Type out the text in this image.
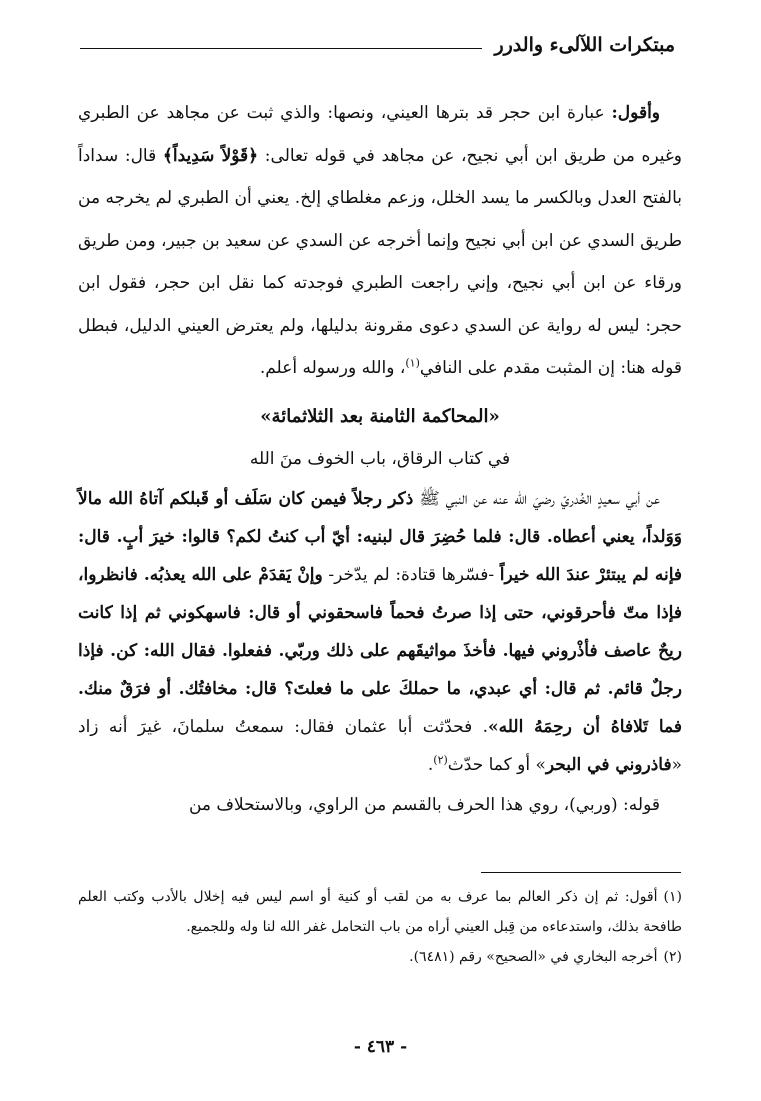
مبتكرات اللآلىء والدرر

وأقول: عبارة ابن حجر قد بترها العيني، ونصها: والذي ثبت عن مجاهد عن الطبري وغيره من طريق ابن أبي نجيح، عن مجاهد في قوله تعالى: ﴿قَوْلاً سَدِيداً﴾ قال: سداداً بالفتح العدل وبالكسر ما يسد الخلل، وزعم مغلطاي إلخ. يعني أن الطبري لم يخرجه من طريق السدي عن ابن أبي نجيح وإنما أخرجه عن السدي عن سعيد بن جبير، ومن طريق ورقاء عن ابن أبي نجيح، وإني راجعت الطبري فوجدته كما نقل ابن حجر، فقول ابن حجر: ليس له رواية عن السدي دعوى مقرونة بدليلها، ولم يعترض العيني الدليل، فبطل قوله هنا: إن المثبت مقدم على النافي$^{(١)}$، والله ورسوله أعلم.

«المحاكمة الثامنة بعد الثلاثمائة»
في كتاب الرقاق، باب الخوف منَ الله

عن أبي سعيدٍ الخُدريّ رضيَ الله عنه عن النبي ﷺ ذكر رجلاً فيمن كان سَلَف أو قَبلكم آتاهُ الله مالاً وَوَلداً، يعني أعطاه. قال: فلما حُضِرَ قال لبنيه: أيّ أب كنتُ لكم؟ قالوا: خيرَ أبٍ. قال: فإنه لم يبتئرْ عندَ الله خيراً -فسّرها قتادة: لم يدّخر- وإنْ يَقدَمْ على الله يعذبُه. فانظروا، فإذا متّ فأحرقوني، حتى إذا صرتُ فحماً فاسحقوني أو قال: فاسهكوني ثم إذا كانت ريحٌ عاصف فأذْروني فيها. فأخذَ مواثيقَهم على ذلك وربّي. ففعلوا. فقال الله: كن. فإذا رجلٌ قائم. ثم قال: أي عبدي، ما حملكَ على ما فعلتَ؟ قال: مخافتُك. أو فرَقٌ منك. فما تَلافاهُ أن رحِمَهُ الله». فحدّثت أبا عثمان فقال: سمعتُ سلمانَ، غيرَ أنه زاد «فاذروني في البحر» أو كما حدّث$^{(٢)}$.

قوله: (وربي)، روي هذا الحرف بالقسم من الراوي، وبالاستحلاف من

(١)أقول: ثم إن ذكر العالم بما عرف به من لقب أو كنية أو اسم ليس فيه إخلال بالأدب وكتب العلم طافحة بذلك، واستدعاءه من قِبل العيني أراه من باب التحامل غفر الله لنا وله وللجميع.

(٢)أخرجه البخاري في «الصحيح» رقم (٦٤٨١).

- ٤٦٣ -
